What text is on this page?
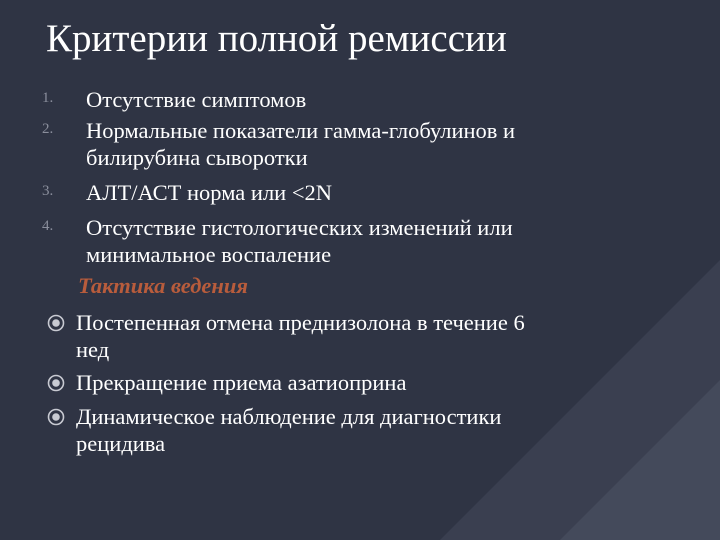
Критерии полной ремиссии
1.	Отсутствие симптомов
2.	Нормальные показатели гамма-глобулинов и
билирубина сыворотки
3.	АЛТ/АСТ норма или <2N
4.	Отсутствие гистологических изменений или
минимальное воспаление
Тактика ведения
Постепенная отмена преднизолона в течение 6
нед
Прекращение приема азатиоприна
Динамическое наблюдение для диагностики
рецидива
